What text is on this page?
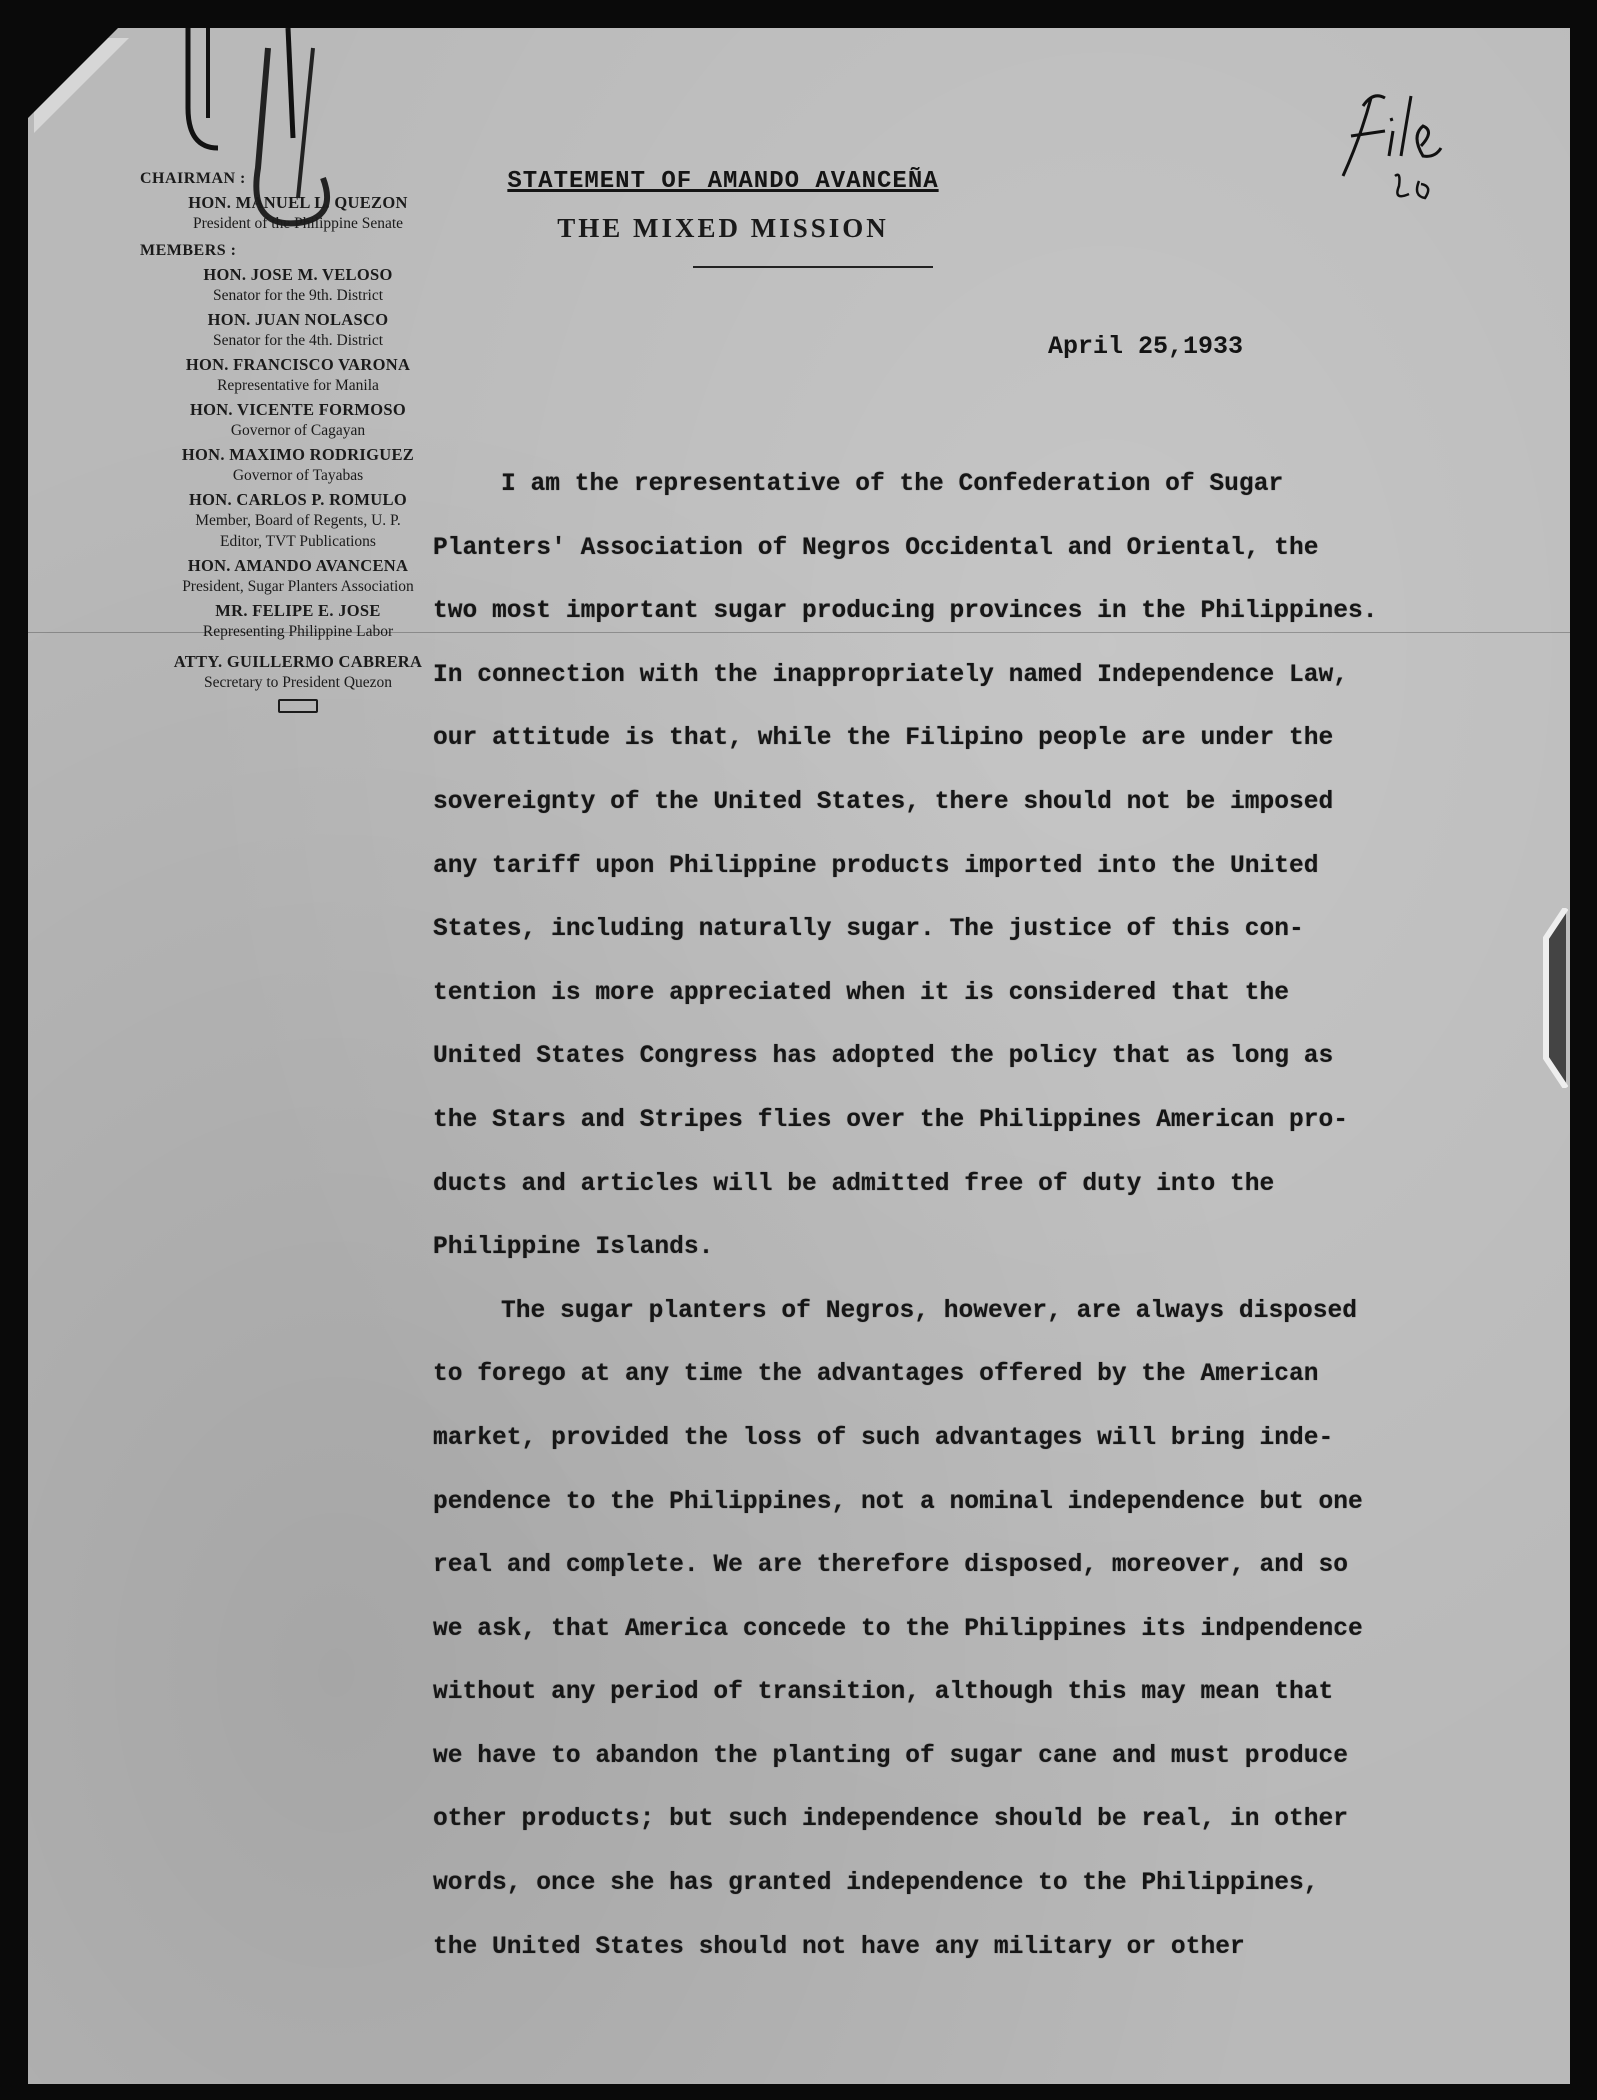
CHAIRMAN :
HON. MANUEL L. QUEZON
President of the Philippine Senate
MEMBERS :
HON. JOSE M. VELOSO
Senator for the 9th. District
HON. JUAN NOLASCO
Senator for the 4th. District
HON. FRANCISCO VARONA
Representative for Manila
HON. VICENTE FORMOSO
Governor of Cagayan
HON. MAXIMO RODRIGUEZ
Governor of Tayabas
HON. CARLOS P. ROMULO
Member, Board of Regents, U. P.
Editor, TVT Publications
HON. AMANDO AVANCENA
President, Sugar Planters Association
MR. FELIPE E. JOSE
Representing Philippine Labor
ATTY. GUILLERMO CABRERA
Secretary to President Quezon
STATEMENT OF AMANDO AVANCEÑA
THE MIXED MISSION
April 25,1933
I am the representative of the Confederation of Sugar
Planters' Association of Negros Occidental and Oriental, the
two most important sugar producing provinces in the Philippines.
In connection with the inappropriately named Independence Law,
our attitude is that, while the Filipino people are under the
sovereignty of the United States, there should not be imposed
any tariff upon Philippine products imported into the United
States, including naturally sugar. The justice of this con-
tention is more appreciated when it is considered that the
United States Congress has adopted the policy that as long as
the Stars and Stripes flies over the Philippines American pro-
ducts and articles will be admitted free of duty into the
Philippine Islands.
The sugar planters of Negros, however, are always disposed
to forego at any time the advantages offered by the American
market, provided the loss of such advantages will bring inde-
pendence to the Philippines, not a nominal independence but one
real and complete. We are therefore disposed, moreover, and so
we ask, that America concede to the Philippines its indpendence
without any period of transition, although this may mean that
we have to abandon the planting of sugar cane and must produce
other products; but such independence should be real, in other
words, once she has granted independence to the Philippines,
the United States should not have any military or other
